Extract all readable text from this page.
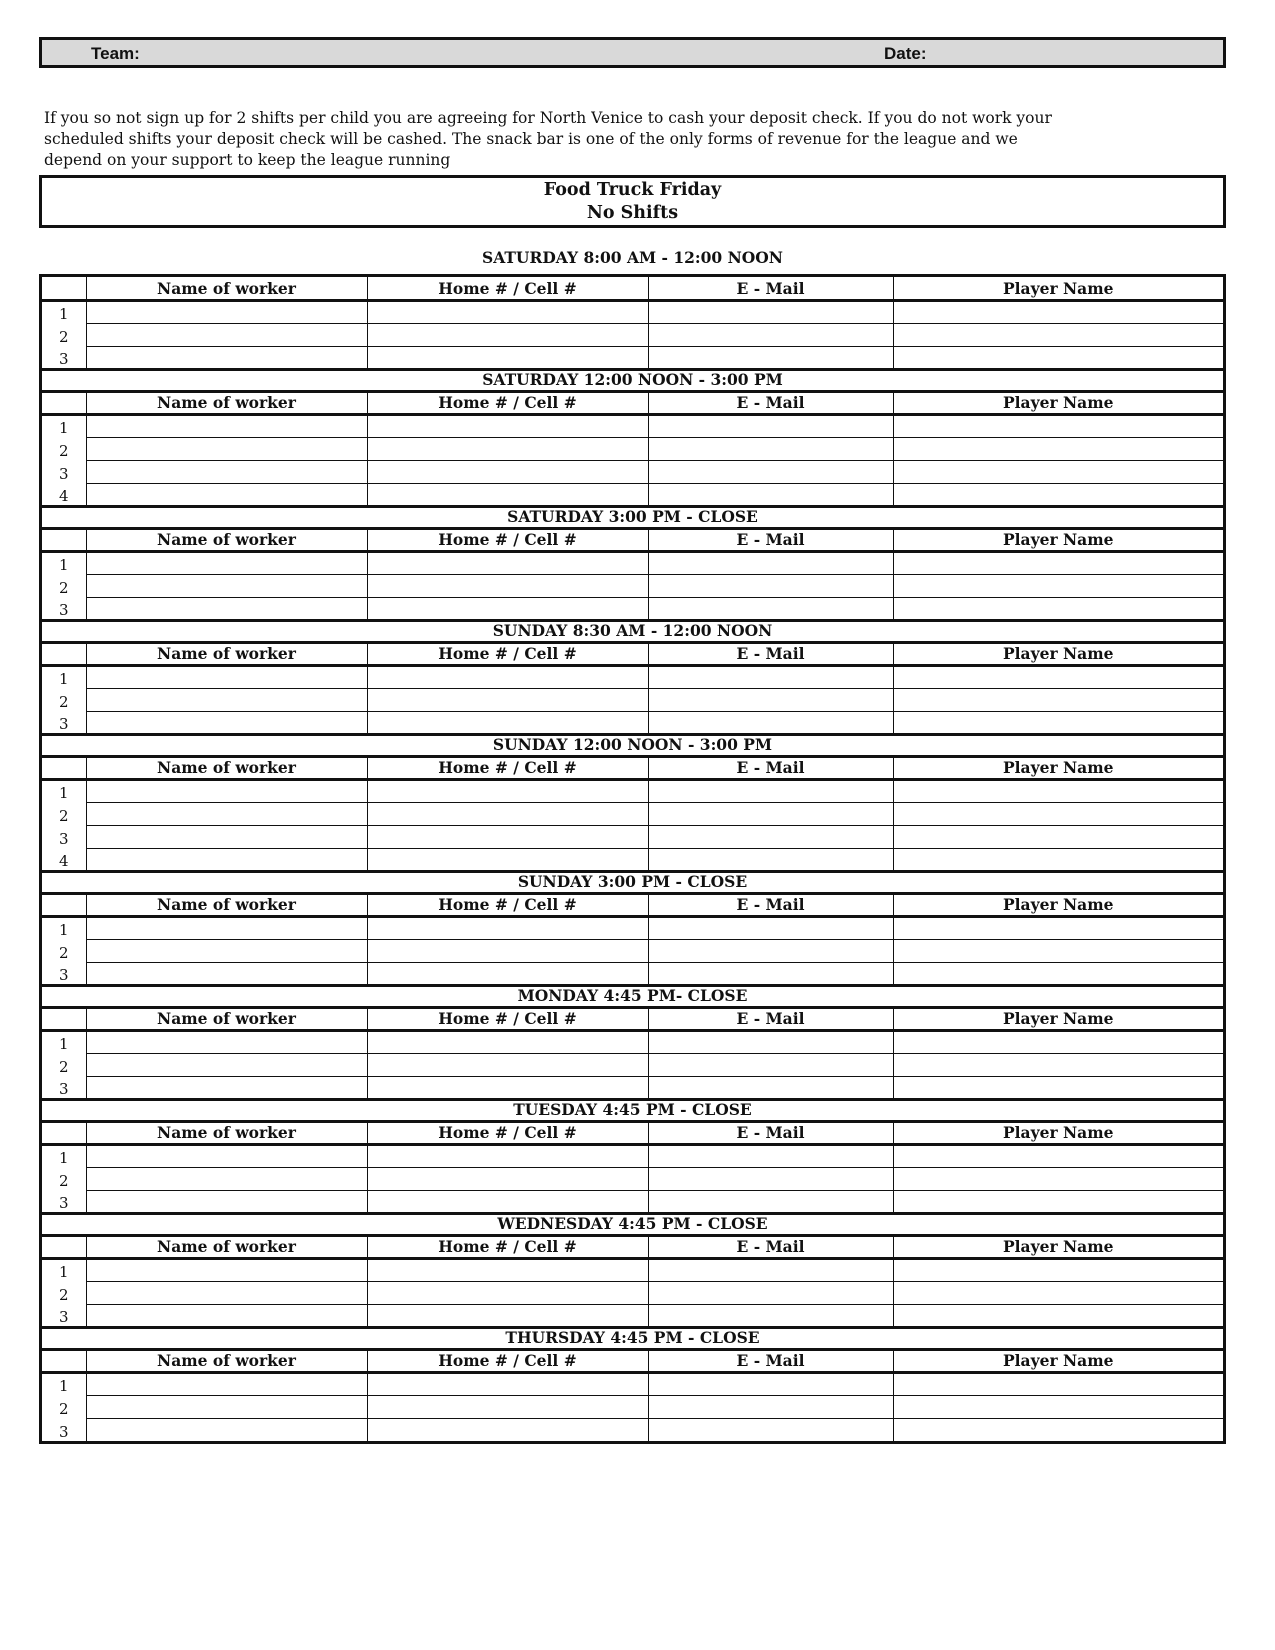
Team:	Date:
If you so not sign up for 2 shifts per child you are agreeing for North Venice to cash your deposit check. If you do not work your
scheduled shifts your deposit check will be cashed. The snack bar is one of the only forms of revenue for the league and we
depend on your support to keep the league running
Food Truck Friday
No Shifts
SATURDAY 8:00 AM - 12:00 NOON
	Name of worker	Home # / Cell #	E - Mail	Player Name
1				
2				
3				
SATURDAY 12:00 NOON - 3:00 PM				
	Name of worker	Home # / Cell #	E - Mail	Player Name
1				
2				
3				
4				
SATURDAY 3:00 PM - CLOSE				
	Name of worker	Home # / Cell #	E - Mail	Player Name
1				
2				
3				
SUNDAY 8:30 AM - 12:00 NOON				
	Name of worker	Home # / Cell #	E - Mail	Player Name
1				
2				
3				
SUNDAY 12:00 NOON - 3:00 PM				
	Name of worker	Home # / Cell #	E - Mail	Player Name
1				
2				
3				
4				
SUNDAY 3:00 PM - CLOSE				
	Name of worker	Home # / Cell #	E - Mail	Player Name
1				
2				
3				
MONDAY 4:45 PM- CLOSE				
	Name of worker	Home # / Cell #	E - Mail	Player Name
1				
2				
3				
TUESDAY 4:45 PM - CLOSE				
	Name of worker	Home # / Cell #	E - Mail	Player Name
1				
2				
3				
WEDNESDAY 4:45 PM - CLOSE				
	Name of worker	Home # / Cell #	E - Mail	Player Name
1				
2				
3				
THURSDAY 4:45 PM - CLOSE				
	Name of worker	Home # / Cell #	E - Mail	Player Name
1				
2				
3				
